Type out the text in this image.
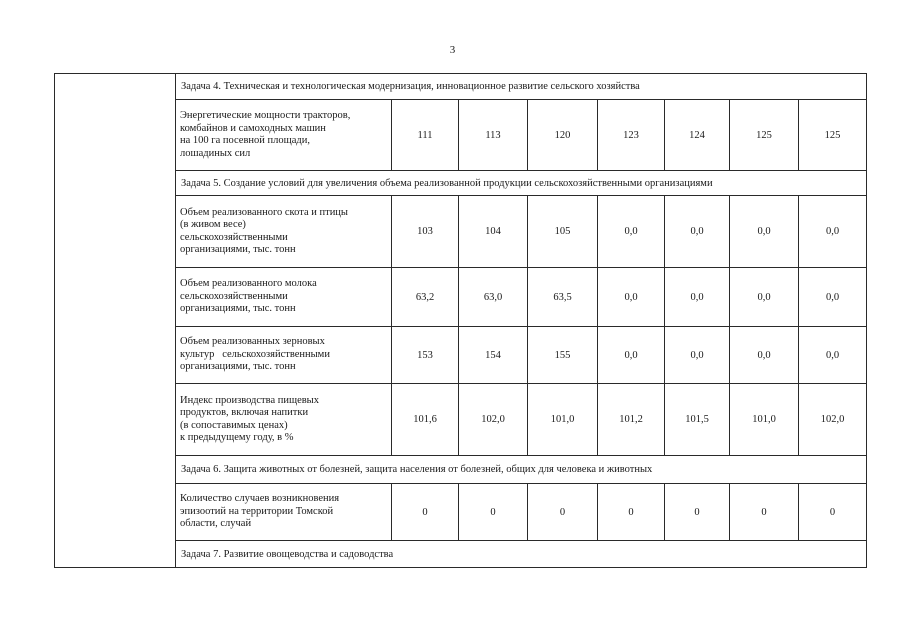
3
	Задача 4. Техническая и технологическая модернизация, инновационное развитие сельского хозяйства							

	Энергетические мощности тракторов,
комбайнов и самоходных машин
на 100 га посевной площади,
лошадиных сил	111	113	120	123	124	125	125
	Задача 5. Создание условий для увеличения объема реализованной продукции сельскохозяйственными организациями							

	Объем реализованного скота и птицы
(в живом весе)
сельскохозяйственными
организациями, тыс. тонн	103	104	105	0,0	0,0	0,0	0,0

	Объем реализованного молока
сельскохозяйственными
организациями, тыс. тонн	63,2	63,0	63,5	0,0	0,0	0,0	0,0

	Объем реализованных зерновых
культур   сельскохозяйственными
организациями, тыс. тонн	153	154	155	0,0	0,0	0,0	0,0

	Индекс производства пищевых
продуктов, включая напитки
(в сопоставимых ценах)
к предыдущему году, в %	101,6	102,0	101,0	101,2	101,5	101,0	102,0
	Задача 6. Защита животных от болезней, защита населения от болезней, общих для человека и животных							

	Количество случаев возникновения
эпизоотий на территории Томской
области, случай	0	0	0	0	0	0	0
	Задача 7. Развитие овощеводства и садоводства							
